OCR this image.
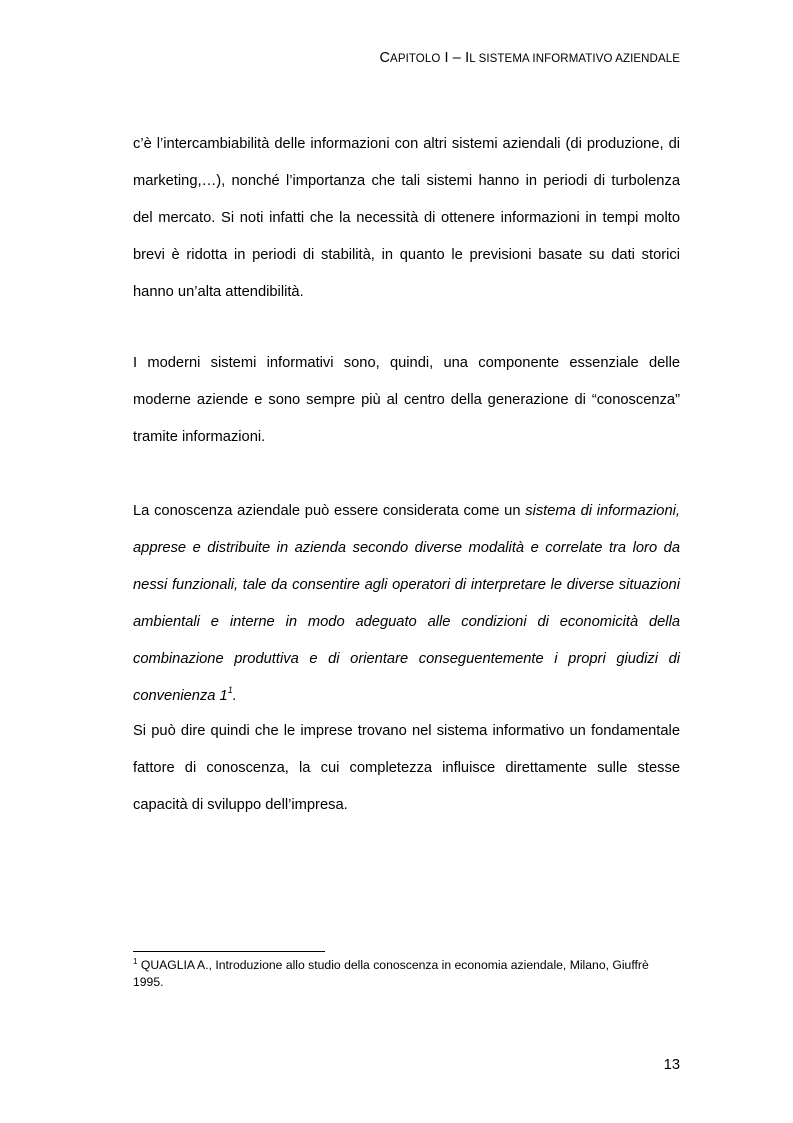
CAPITOLO I – IL SISTEMA INFORMATIVO AZIENDALE

c’è l’intercambiabilità delle informazioni con altri sistemi aziendali (di produzione, di marketing,…), nonché l’importanza che tali sistemi hanno in periodi di turbolenza del mercato. Si noti infatti che la necessità di ottenere informazioni in tempi molto brevi è ridotta in periodi di stabilità, in quanto le previsioni basate su dati storici hanno un’alta attendibilità.

I moderni sistemi informativi sono, quindi, una componente essenziale delle moderne aziende e sono sempre più al centro della generazione di “conoscenza” tramite informazioni.

La conoscenza aziendale può essere considerata come un sistema di informazioni, apprese e distribuite in azienda secondo diverse modalità e correlate tra loro da nessi funzionali, tale da consentire agli operatori di interpretare le diverse situazioni ambientali e interne in modo adeguato alle condizioni di economicità della combinazione produttiva e di orientare conseguentemente i propri giudizi di convenienza $1^1$.

Si può dire quindi che le imprese trovano nel sistema informativo un fondamentale fattore di conoscenza, la cui completezza influisce direttamente sulle stesse capacità di sviluppo dell’impresa.

$^1$ QUAGLIA A., Introduzione allo studio della conoscenza in economia aziendale, Milano, Giuffrè 1995.

13
